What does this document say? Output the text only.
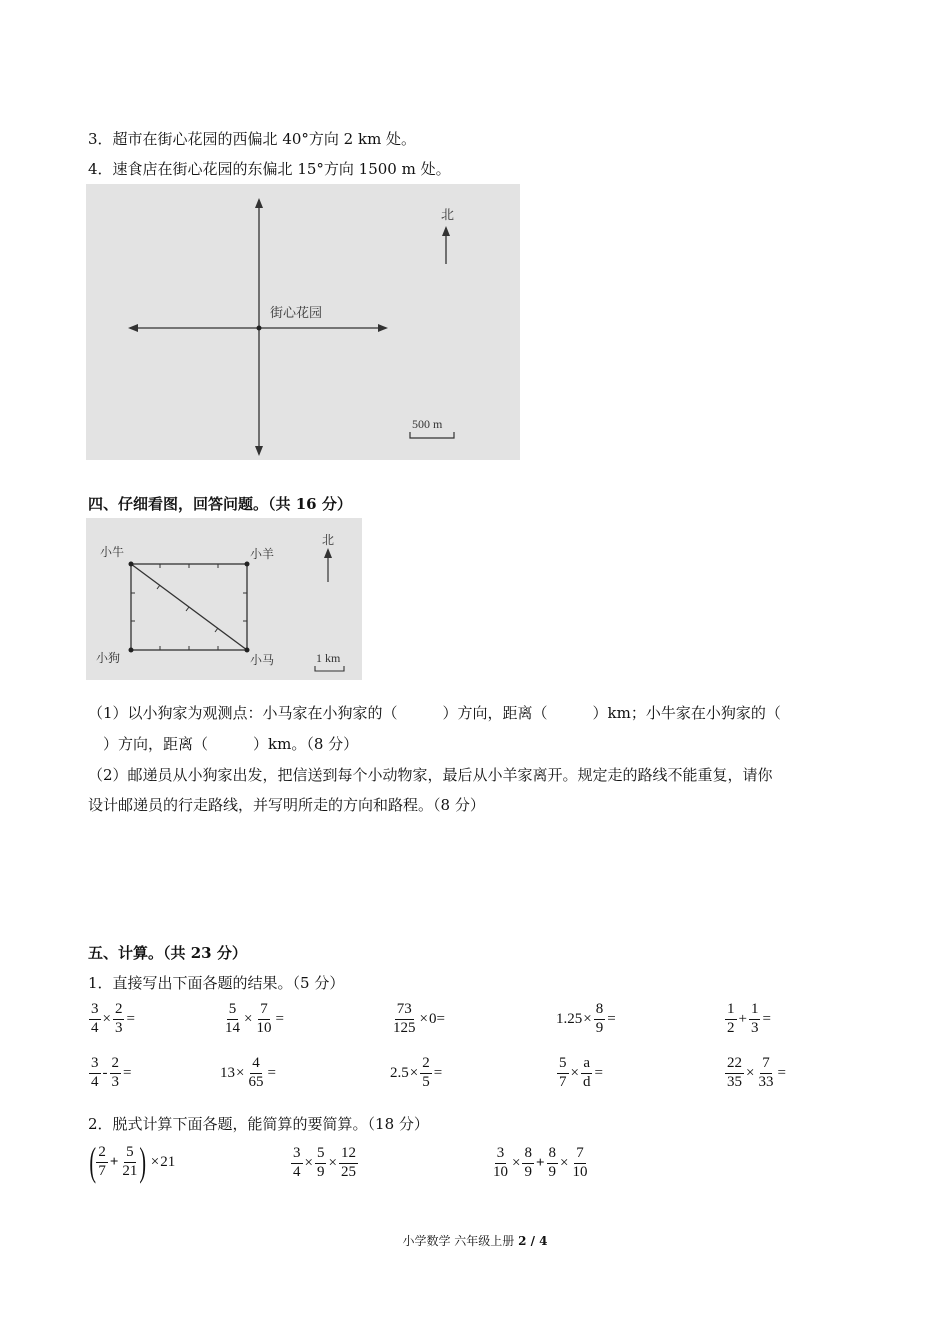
3．超市在街心花园的西偏北 40°方向 2 km 处。
4．速食店在街心花园的东偏北 15°方向 1500 m 处。
街心花园
北
500 m
四、仔细看图，回答问题。（共 16 分）
小牛	小羊
小狗	小马
北
1 km
（1）以小狗家为观测点：小马家在小狗家的（　　　）方向，距离（　　　）km；小牛家在小狗家的（
　）方向，距离（　　　）km。（8 分）
（2）邮递员从小狗家出发，把信送到每个小动物家，最后从小羊家离开。规定走的路线不能重复，请你
设计邮递员的行走路线，并写明所走的方向和路程。（8 分）
五、计算。（共 23 分）
1．直接写出下面各题的结果。（5 分）
$\frac{3}{4} \times \frac{2}{3}$ =	$\frac{5}{14} \times \frac{7}{10}$ =	$\frac{73}{125} \times 0=$	$1.25 \times \frac{8}{9}$ =	$\frac{1}{2} + \frac{1}{3}$ =
$\frac{3}{4} - \frac{2}{3}$ =	$13 \times \frac{4}{65}$ =	$2.5 \times \frac{2}{5}$ =	$\frac{5}{7} \times \frac{a}{d}$ =	$\frac{22}{35} \times \frac{7}{33}$ =
2．脱式计算下面各题，能简算的要简算。（18 分）
( $\frac{2}{7} + \frac{5}{21}$ ) × 21	$\frac{3}{4} \times \frac{5}{9} \times \frac{12}{25}$	$\frac{3}{10} \times \frac{8}{9} + \frac{8}{9} \times \frac{7}{10}$
小学数学 六年级上册 2 / 4
